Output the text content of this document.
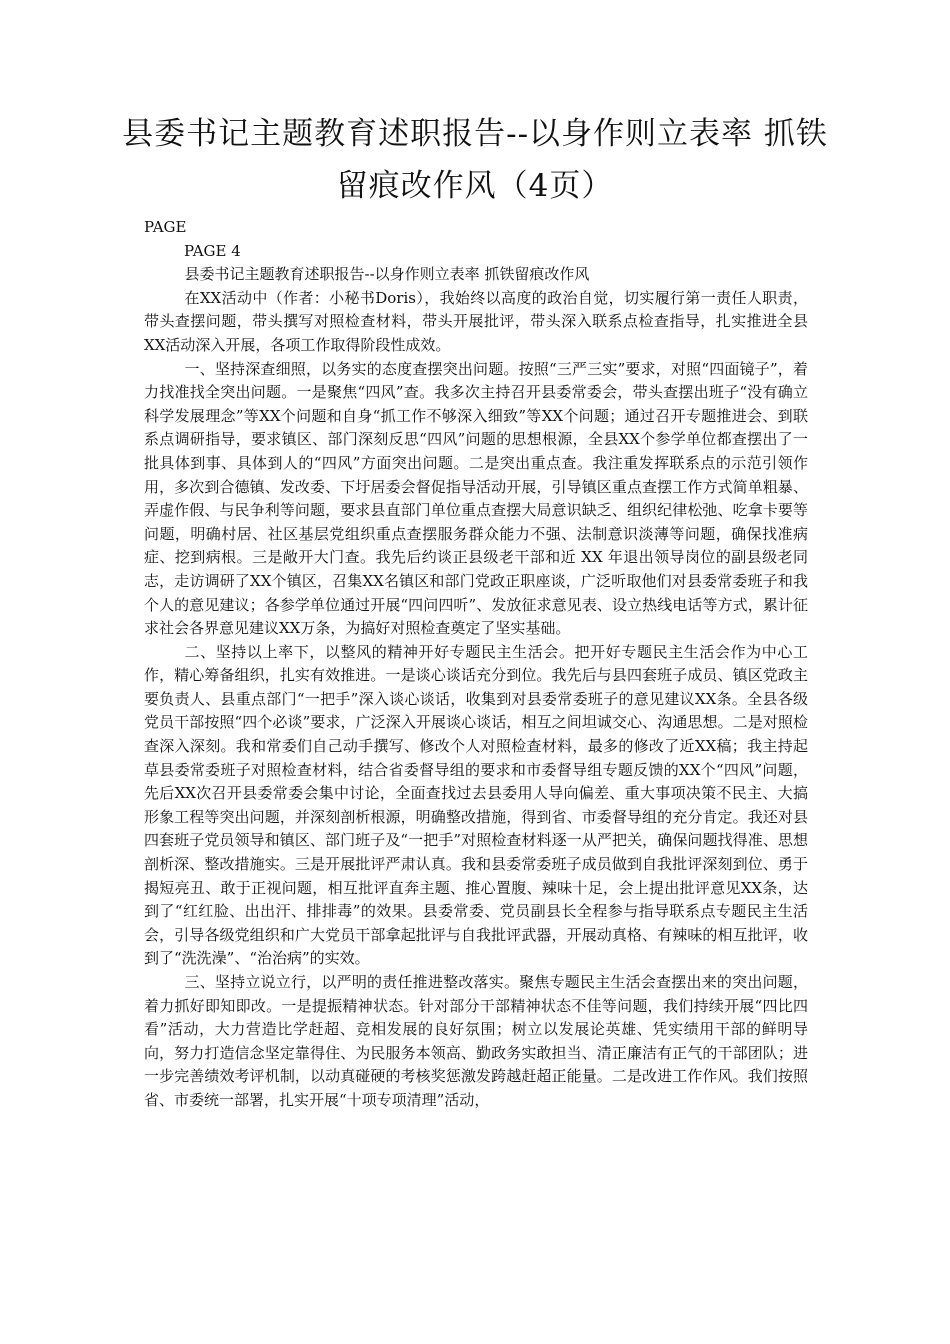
县委书记主题教育述职报告--以身作则立表率 抓铁留痕改作风（4页）

PAGE

PAGE 4

县委书记主题教育述职报告--以身作则立表率 抓铁留痕改作风

在XX活动中（作者：小秘书Doris），我始终以高度的政治自觉，切实履行第一责任人职责，带头查摆问题，带头撰写对照检查材料，带头开展批评，带头深入联系点检查指导，扎实推进全县XX活动深入开展，各项工作取得阶段性成效。

一、坚持深查细照，以务实的态度查摆突出问题。按照“三严三实”要求，对照“四面镜子”，着力找准找全突出问题。一是聚焦“四风”查。我多次主持召开县委常委会，带头查摆出班子“没有确立科学发展理念”等XX个问题和自身“抓工作不够深入细致”等XX个问题；通过召开专题推进会、到联系点调研指导，要求镇区、部门深刻反思“四风”问题的思想根源，全县XX个参学单位都查摆出了一批具体到事、具体到人的“四风”方面突出问题。二是突出重点查。我注重发挥联系点的示范引领作用，多次到合德镇、发改委、下圩居委会督促指导活动开展，引导镇区重点查摆工作方式简单粗暴、弄虚作假、与民争利等问题，要求县直部门单位重点查摆大局意识缺乏、组织纪律松弛、吃拿卡要等问题，明确村居、社区基层党组织重点查摆服务群众能力不强、法制意识淡薄等问题，确保找准病症、挖到病根。三是敞开大门查。我先后约谈正县级老干部和近 XX 年退出领导岗位的副县级老同志，走访调研了XX个镇区，召集XX名镇区和部门党政正职座谈，广泛听取他们对县委常委班子和我个人的意见建议；各参学单位通过开展“四问四听”、发放征求意见表、设立热线电话等方式，累计征求社会各界意见建议XX万条，为搞好对照检查奠定了坚实基础。

二、坚持以上率下，以整风的精神开好专题民主生活会。把开好专题民主生活会作为中心工作，精心筹备组织，扎实有效推进。一是谈心谈话充分到位。我先后与县四套班子成员、镇区党政主要负责人、县重点部门“一把手”深入谈心谈话，收集到对县委常委班子的意见建议XX条。全县各级党员干部按照“四个必谈”要求，广泛深入开展谈心谈话，相互之间坦诚交心、沟通思想。二是对照检查深入深刻。我和常委们自己动手撰写、修改个人对照检查材料，最多的修改了近XX稿；我主持起草县委常委班子对照检查材料，结合省委督导组的要求和市委督导组专题反馈的XX个“四风”问题，先后XX次召开县委常委会集中讨论，全面查找过去县委用人导向偏差、重大事项决策不民主、大搞形象工程等突出问题，并深刻剖析根源，明确整改措施，得到省、市委督导组的充分肯定。我还对县四套班子党员领导和镇区、部门班子及“一把手”对照检查材料逐一从严把关，确保问题找得准、思想剖析深、整改措施实。三是开展批评严肃认真。我和县委常委班子成员做到自我批评深刻到位、勇于揭短亮丑、敢于正视问题，相互批评直奔主题、推心置腹、辣味十足，会上提出批评意见XX条，达到了“红红脸、出出汗、排排毒”的效果。县委常委、党员副县长全程参与指导联系点专题民主生活会，引导各级党组织和广大党员干部拿起批评与自我批评武器，开展动真格、有辣味的相互批评，收到了“洗洗澡”、“治治病”的实效。

三、坚持立说立行，以严明的责任推进整改落实。聚焦专题民主生活会查摆出来的突出问题，着力抓好即知即改。一是提振精神状态。针对部分干部精神状态不佳等问题，我们持续开展“四比四看”活动，大力营造比学赶超、竞相发展的良好氛围；树立以发展论英雄、凭实绩用干部的鲜明导向，努力打造信念坚定靠得住、为民服务本领高、勤政务实敢担当、清正廉洁有正气的干部团队；进一步完善绩效考评机制，以动真碰硬的考核奖惩激发跨越赶超正能量。二是改进工作作风。我们按照省、市委统一部署，扎实开展“十项专项清理”活动，
